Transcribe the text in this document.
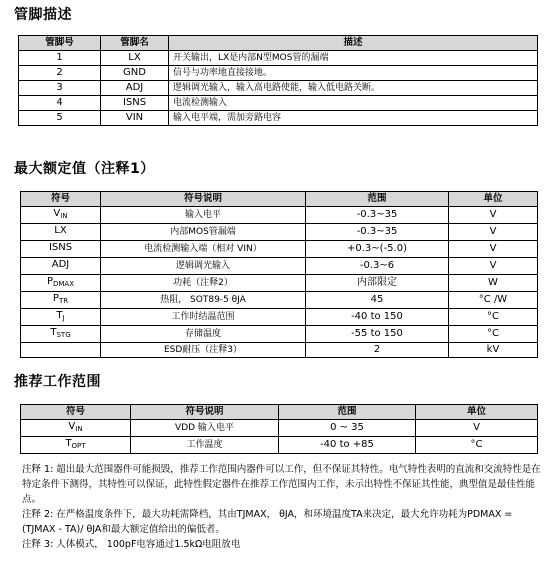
管脚描述
管脚号	管脚名	描述
1	LX	开关输出，LX是内部N型MOS管的漏端
2	GND	信号与功率地直接接地。
3	ADJ	逻辑调光输入，输入高电路使能，输入低电路关断。
4	ISNS	电流检测输入
5	VIN	输入电平端，需加旁路电容
最大额定值（注释1）
符号	符号说明	范围	单位
$V_{IN}$	输入电平	-0.3~35	V
LX	内部MOS管漏端	-0.3~35	V
ISNS	电流检测输入端（相对 VIN）	+0.3~(-5.0)	V
ADJ	逻辑调光输入	-0.3~6	V
$P_{DMAX}$	功耗（注释2）	内部限定	W
$P_{TR}$	热阻， SOT89-5 θJA	45	°C /W
$T_J$	工作时结温范围	-40 to 150	°C
$T_{STG}$	存储温度	-55 to 150	°C
	ESD耐压（注释3）	2	kV
推荐工作范围
符号	符号说明	范围	单位
$V_{IN}$	VDD 输入电平	0 ~ 35	V
$T_{OPT}$	工作温度	-40 to +85	°C

注释 1: 超出最大范围器件可能损毁，推荐工作范围内器件可以工作，但不保证其特性。电气特性表明的直流和交流特性是在特定条件下测得，其特性可以保证，此特性假定器件在推荐工作范围内工作，未示出特性不保证其性能，典型值是最佳性能点。

注释 2: 在严格温度条件下，最大功耗需降档，其由TJMAX， θJA，和环境温度TA来决定，最大允许功耗为PDMAX = (TJMAX - TA)/ θJA和最大额定值给出的偏低者。

注释 3: 人体模式， 100pF电容通过1.5kΩ电阻放电
